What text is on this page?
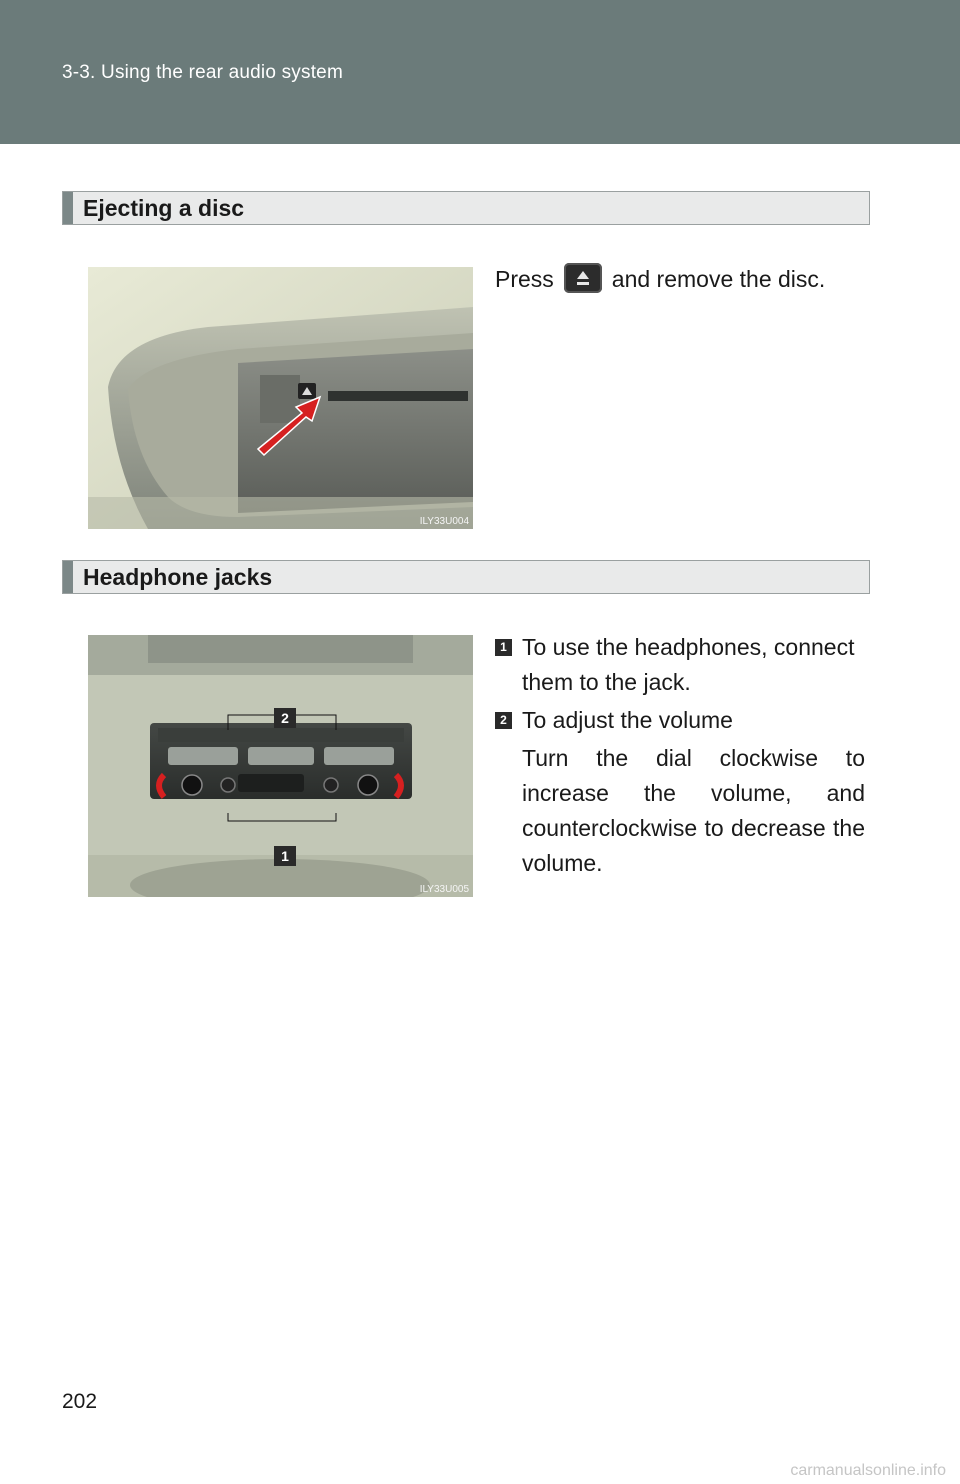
3-3. Using the rear audio system
Ejecting a disc
ILY33U004
Press	and remove the disc.
Headphone jacks
2
1
ILY33U005
1 To use the headphones, connect them to the jack.
2 To adjust the volume
Turn the dial clockwise to increase the volume, and counterclockwise to decrease the volume.
202
carmanualsonline.info
